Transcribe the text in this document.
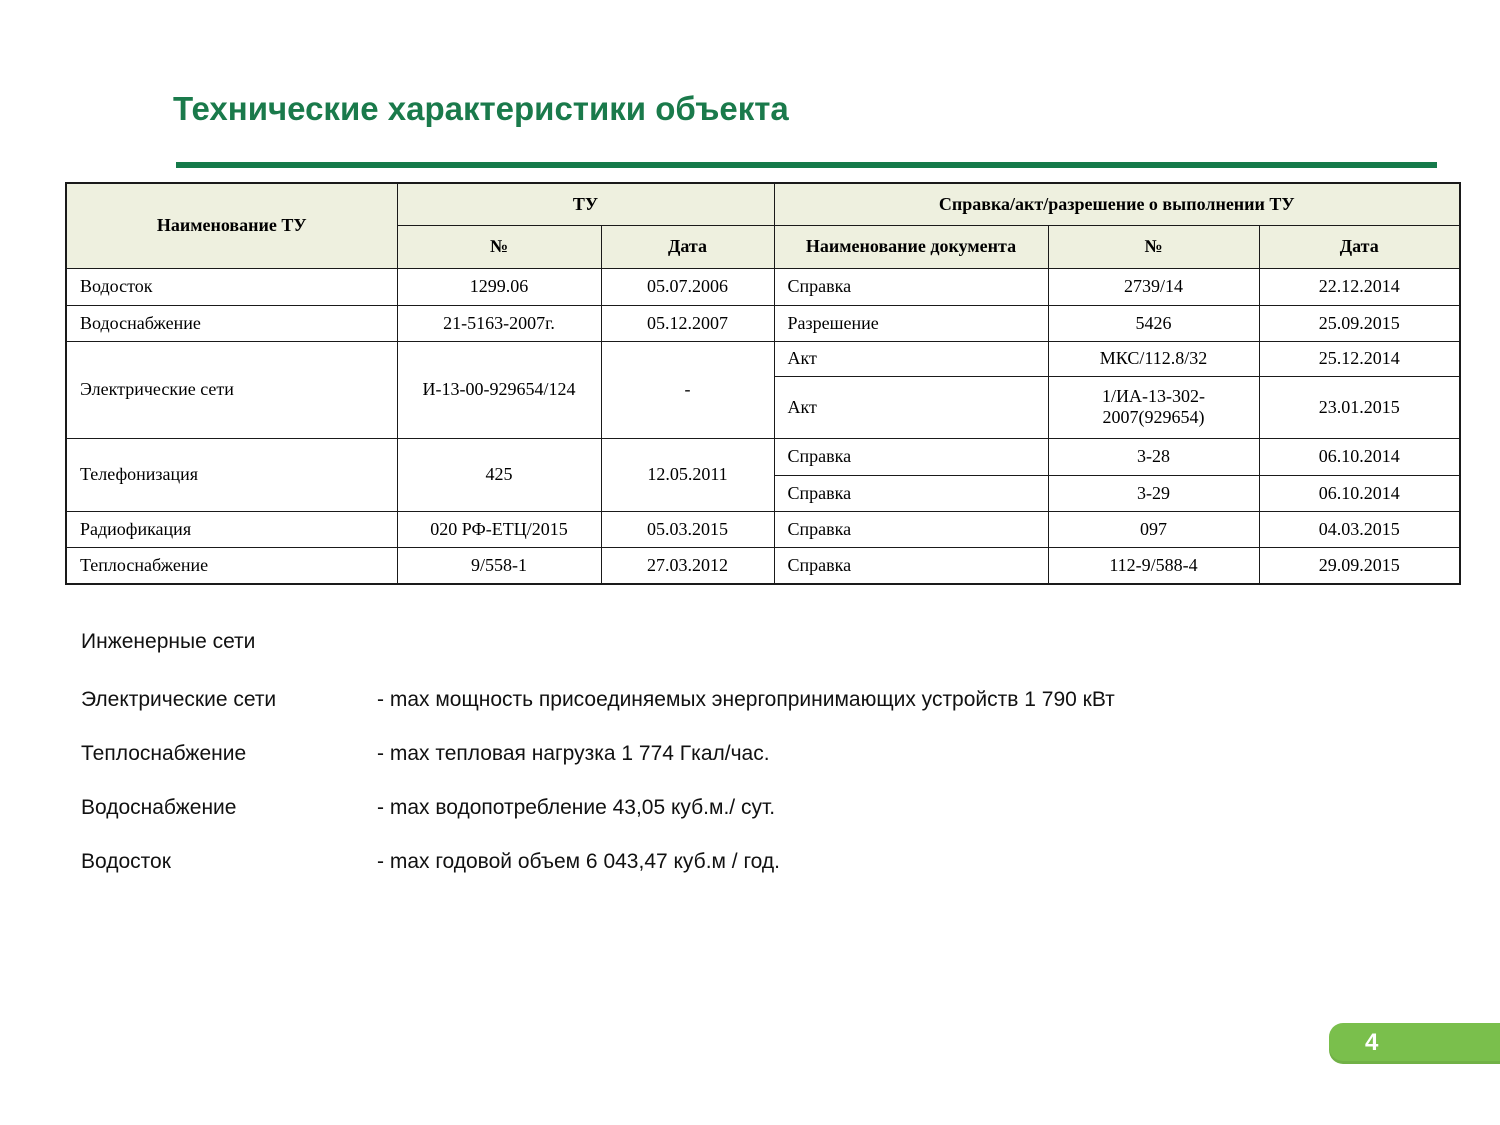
Технические характеристики объекта
Наименование ТУ	ТУ		Справка/акт/разрешение о выполнении ТУ		
	№	Дата	Наименование документа	№	Дата
Водосток	1299.06	05.07.2006	Справка	2739/14	22.12.2014
Водоснабжение	21-5163-2007г.	05.12.2007	Разрешение	5426	25.09.2015
Электрические сети	И-13-00-929654/124	-	Акт	МКС/112.8/32	25.12.2014
			Акт	1/ИА-13-302-2007(929654)	23.01.2015
Телефонизация	425	12.05.2011	Справка	3-28	06.10.2014
			Справка	3-29	06.10.2014
Радиофикация	020 РФ-ЕТЦ/2015	05.03.2015	Справка	097	04.03.2015
Теплоснабжение	9/558-1	27.03.2012	Справка	112-9/588-4	29.09.2015
Инженерные сети
Электрические сети	- max мощность присоединяемых энергопринимающих устройств 1 790 кВт
Теплоснабжение	- max тепловая нагрузка 1 774 Гкал/час.
Водоснабжение	- max водопотребление 43,05 куб.м./ сут.
Водосток	- max годовой объем 6 043,47 куб.м / год.
4
